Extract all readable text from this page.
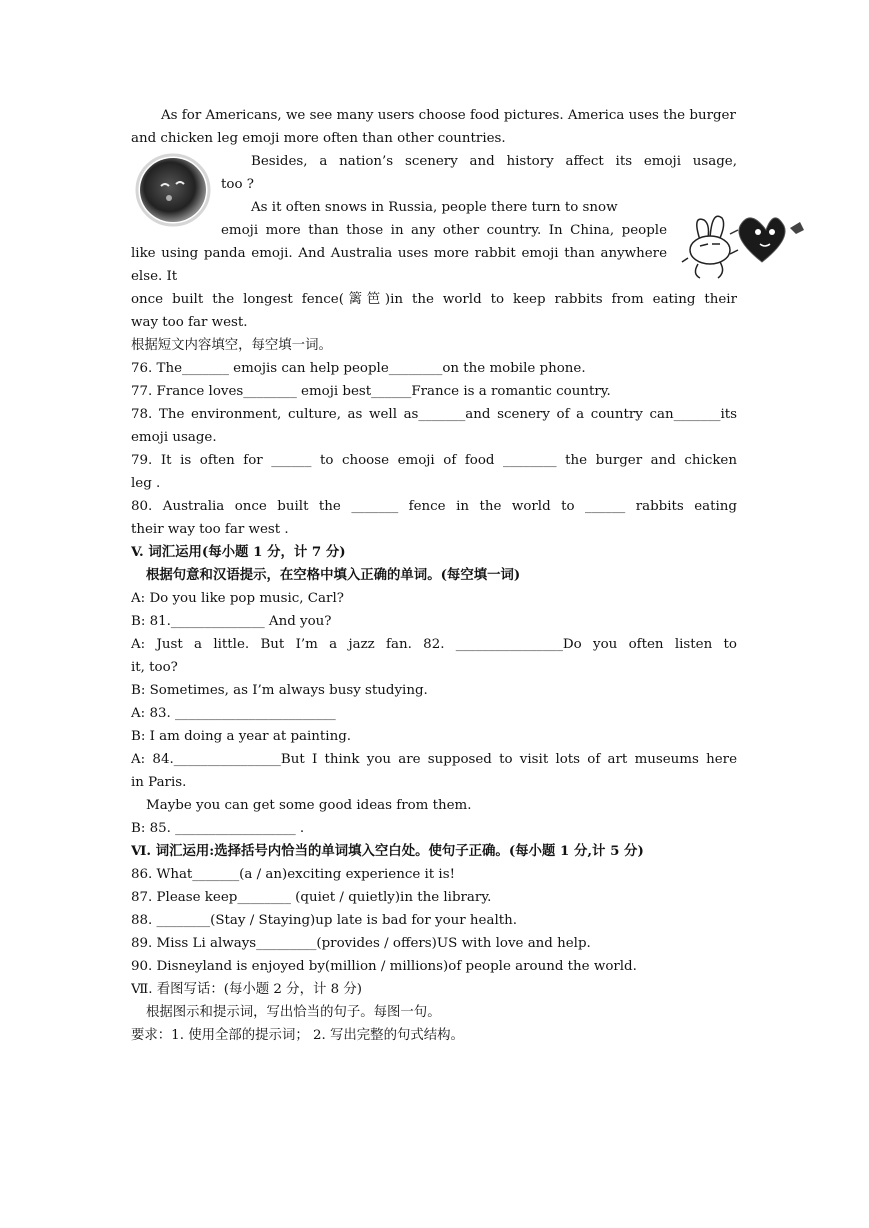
As for Americans, we see many users choose food pictures. America uses the burger
and chicken leg emoji more often than other countries.
Besides, a nation’s scenery and history affect its emoji usage,
too ?
As it often snows in Russia, people there turn to snow
emoji more than those in any other country. In China, people
like using panda emoji. And Australia uses more rabbit emoji than anywhere
else. It
once built the longest fence(篱笆)in the world to keep rabbits from eating their
way too far west.
根据短文内容填空，每空填一词。
76. The_______ emojis can help people________on the mobile phone.
77. France loves________ emoji best______France is a romantic country.
78. The environment, culture, as well as_______and scenery of a country can_______its
emoji usage.
79. It is often for ______ to choose emoji of food ________ the burger and chicken
leg .
80. Australia once built the _______ fence in the world to ______ rabbits eating
their way too far west .
V. 词汇运用(每小题 1 分，计 7 分)
根据句意和汉语提示，在空格中填入正确的单词。(每空填一词)
A: Do you like pop music, Carl?
B: 81.______________ And you?
A: Just a little. But I’m a jazz fan. 82. ________________Do you often listen to
it, too?
B: Sometimes, as I’m always busy studying.
A: 83. ________________________
B: I am doing a year at painting.
A: 84.________________But I think you are supposed to visit lots of art museums here
in Paris.
Maybe you can get some good ideas from them.
B: 85. __________________ .
Ⅵ. 词汇运用:选择括号内恰当的单词填入空白处。使句子正确。(每小题 1 分,计 5 分)
86. What_______(a / an)exciting experience it is!
87. Please keep________ (quiet / quietly)in the library.
88. ________(Stay / Staying)up late is bad for your health.
89. Miss Li always_________(provides / offers)US with love and help.
90. Disneyland is enjoyed by(million / millions)of people around the world.
Ⅶ. 看图写话：(每小题 2 分，计 8 分)
根据图示和提示词，写出恰当的句子。每图一句。
要求：1. 使用全部的提示词； 2. 写出完整的句式结构。
